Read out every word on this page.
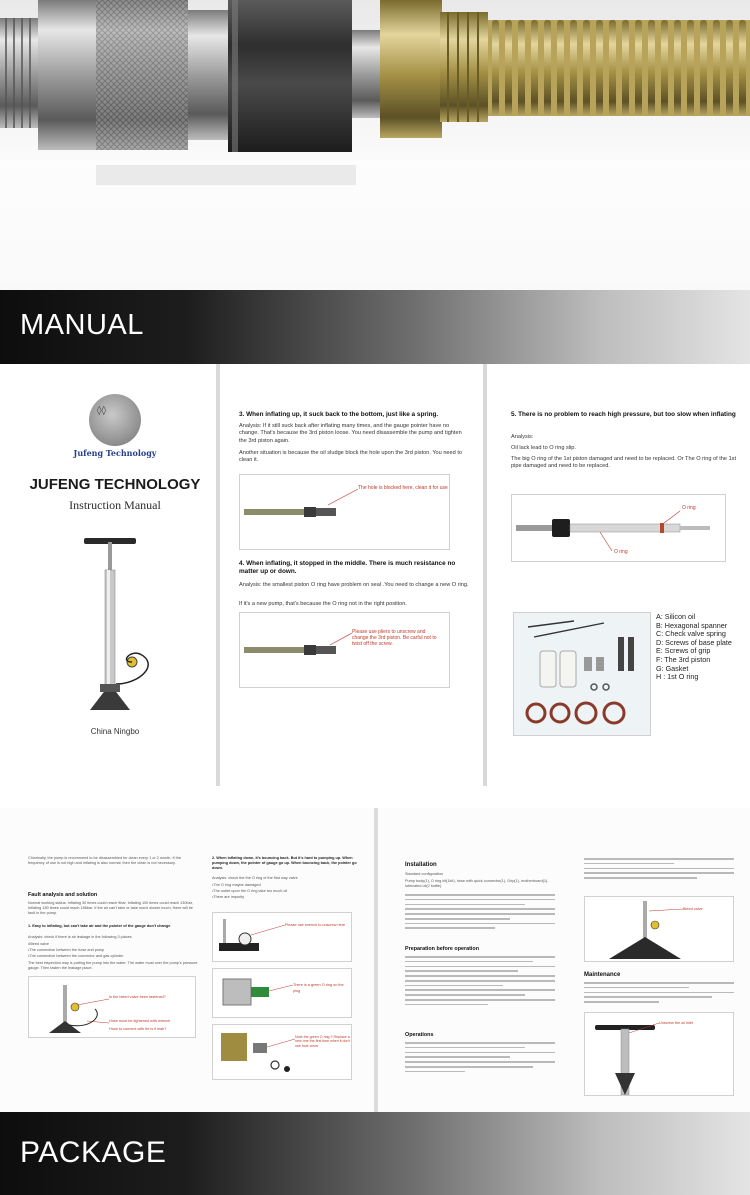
MANUAL
◊◊
Jufeng Technology
JUFENG TECHNOLOGY
Instruction Manual
China Ningbo
3. When inflating up, it suck back to the bottom, just like a spring.
Analysis: If it still suck back after inflating many times, and the gauge pointer have no change. That's because the 3rd piston loose. You need disassemble the pump and tighten the 3rd piston again.
Another situation is because the oil sludge block the hole upon the 3rd piston. You need to clean it.
The hole is blocked here, clean it for use
4. When inflating, it stopped in the middle. There is much resistance no matter up or down.
Analysis: the smallest piston O ring have problem on seal .You need to change a new O ring.
If it's a new pump, that's because the O ring not in the right position.
Please use pliers to unscrew and change the 3rd piston. Be carful not to twist off the screw.
5. There is no problem to reach high pressure, but too slow when inflating
Analysis:
Oil lack lead to O ring slip.
The big O ring of the 1st piston damaged and need to be replaced. Or The O ring of the 1st pipe damaged and need to be replaced.
O ring
O ring
A: Silicon oil
B: Hexagonal spanner
C: Check valve spring
D: Screws of base plate
E: Screws of grip
F: The 3rd piston
G: Gasket
H : 1st O ring
Chlorinally, the pump is recommend to be disassembled for clean every 1 or 2 month. If the frequency of use is not high and inflating is also normal, then the clean is not necessary.
Fault analysis and solution
Normal working status: Inflating 30 times could reach 9bar, Inflating 100 times could reach 130bar, Inflating 180 times could reach 186bar. If the air can't take or take much slower much, there will be fault in the pump.
1. Easy to inflating, but can't take air and the pointer of the gauge don't change
Analysis: check if there is air leakage in the following 3 places
•Bleed valve
•The connection between the hose and pump
•The connection between the connector and gas cylinder
The best inspection way is putting the pump into the water. The water must over the pump's pressure gauge. Then fasten the leakage place.
Is the bleed valve been fastened?
Hose must be tightened with wrench
Hose to connect with tie is it leak?
2. When inflating down, it's bouncing back. But it's hard to pumping up. When pumping down, the pointer of gauge go up. When bouncing back, the pointer go down.
Analysis: check the the O ring of the first way valve
•The O ring maybe damaged
•The outlet upon the O ring take too much oil
•There are impurity
Please use wrench to unscrew here
There is a green O ring on the plug
Note the green O ring !! Replace a new one the first time when it don't use hole cover
Installation
Standard configuration
Pump body(1), O ring kit(1kit), hose with quick connector(1), Grip(1), motherboard(1), lubricated oil(2 bottle).
Preparation before operation
Operations
Bleed valve
Maintenance
Unscrew the oil inlet
PACKAGE
